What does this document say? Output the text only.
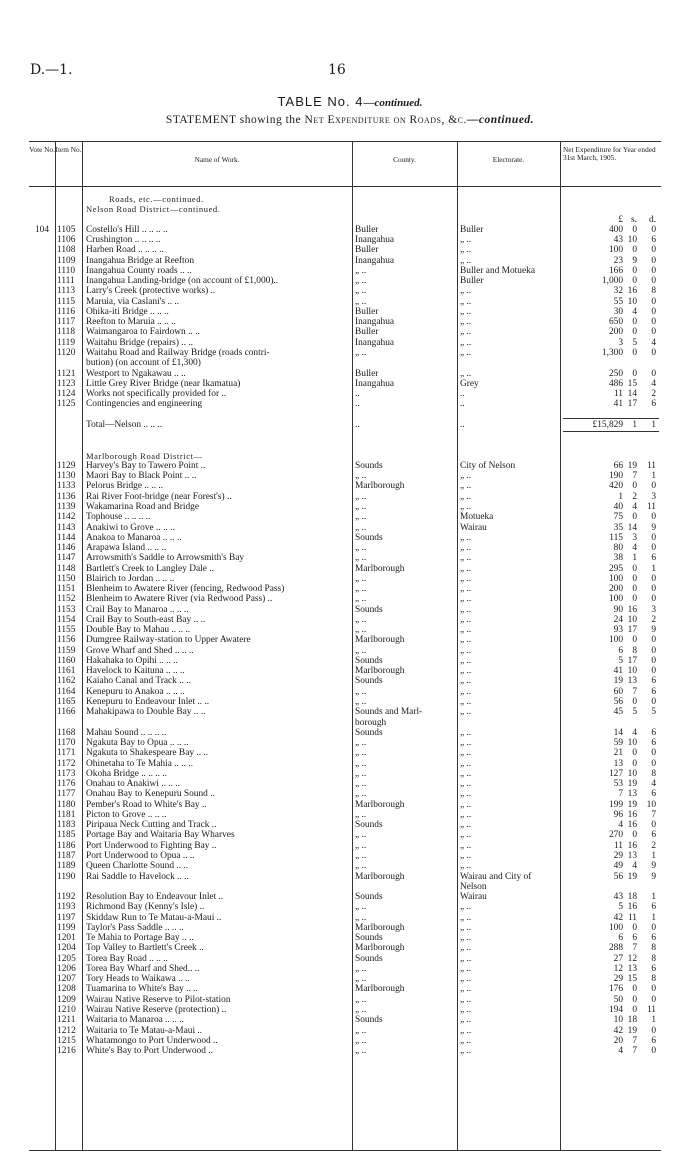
D.—1.	16
TABLE No. 4—continued.
STATEMENT showing the Net Expenditure on Roads, &c.—continued.
Vote No. Item No.
Name of Work.	County.	Electorate.
Net Expenditure for Year ended 31st March, 1905.
Roads, etc.—continued.
Nelson Road District—continued.
£ s.	d.
104 1105	Costello's Hill .. .. .. ..	Buller	Buller	400 0	0
1106	Crushington .. .. .. ..	Inangahua	„ ..	43 10	6
1108	Harben Road .. .. .. ..	Buller	„ ..	100 0	0
1109	Inangahua Bridge at Reefton	Inangahua	„ ..	23 9	0
1110	Inangahua County roads .. ..	„ ..	Buller and Motueka	166 0	0
1111	Inangahua Landing-bridge (on account of £1,000)..	„ ..	Buller	1,000 0	0
1113	Larry's Creek (protective works) ..	„ ..	„ ..	32 16	8
1115	Maruia, via Caslani's .. ..	„ ..	„ ..	55 10	0
1116	Ohika-iti Bridge .. .. ..	Buller	„ ..	30 4	0
1117	Reefton to Maruia .. .. ..	Inangahua	„ ..	650 0	0
1118	Waimangaroa to Fairdown .. ..	Buller	„ ..	200 0	0
1119	Waitahu Bridge (repairs) .. ..	Inangahua	„ ..	3 5	4
1120	Waitahu Road and Railway Bridge (roads contri-	„ ..	„ ..	1,300 0	0
bution) (on account of £1,300)
1121	Westport to Ngakawau .. ..	Buller	„ ..	250 0	0
1123	Little Grey River Bridge (near Ikamatua)	Inangahua	Grey	486 15	4
1124	Works not specifically provided for ..	..	..	11 14	2
1125	Contingencies and engineering	..	..	41 17	6
Total—Nelson .. .. ..	..	..	£15,829 1	1
Marlborough Road District—
1129	Harvey's Bay to Tawero Point ..	Sounds	City of Nelson	66 19	11
1130	Maori Bay to Black Point .. ..	„ ..	„ ..	190 7	1
1133	Pelorus Bridge .. .. ..	Marlborough	„ ..	420 0	0
1136	Rai River Foot-bridge (near Forest's) ..	„ ..	„ ..	1 2	3
1139	Wakamarina Road and Bridge	„ ..	„ ..	40 4	11
1142	Tophouse .. .. .. ..	„ ..	Motueka	75 0	0
1143	Anakiwi to Grove .. .. ..	„ ..	Wairau	35 14	9
1144	Anakoa to Manaroa .. .. ..	Sounds	„ ..	115 3	0
1146	Arapawa Island .. .. ..	„ ..	„ ..	80 4	0
1147	Arrowsmith's Saddle to Arrowsmith's Bay	„ ..	„ ..	38 1	6
1148	Bartlett's Creek to Langley Dale ..	Marlborough	„ ..	295 0	1
1150	Blairich to Jordan .. .. ..	„ ..	„ ..	100 0	0
1151	Blenheim to Awatere River (fencing, Redwood Pass)	„ ..	„ ..	200 0	0
1152	Blenheim to Awatere River (via Redwood Pass) ..	„ ..	„ ..	100 0	0
1153	Crail Bay to Manaroa .. .. ..	Sounds	„ ..	90 16	3
1154	Crail Bay to South-east Bay .. ..	„ ..	„ ..	24 10	2
1155	Double Bay to Mahau .. .. ..	„ ..	„ ..	93 17	9
1156	Dumgree Railway-station to Upper Awatere	Marlborough	„ ..	100 0	0
1159	Grove Wharf and Shed .. .. ..	„ ..	„ ..	6 8	0
1160	Hakahaka to Opihi .. .. ..	Sounds	„ ..	5 17	0
1161	Havelock to Kaituna .. .. ..	Marlborough	„ ..	41 10	0
1162	Kaiaho Canal and Track .. ..	Sounds	„ ..	19 13	6
1164	Kenepuru to Anakoa .. .. ..	„ ..	„ ..	60 7	6
1165	Kenepuru to Endeavour Inlet .. ..	„ ..	„ ..	56 0	0
1166	Mahakipawa to Double Bay .. ..	Sounds and Marl-	„ ..	45 5	5
borough
1168	Mahau Sound .. .. .. ..	Sounds	„ ..	14 4	6
1170	Ngakuta Bay to Opua .. .. ..	„ ..	„ ..	59 10	6
1171	Ngakuta to Shakespeare Bay .. ..	„ ..	„ ..	21 0	0
1172	Ohinetaha to Te Mahia .. .. ..	„ ..	„ ..	13 0	0
1173	Okoha Bridge .. .. .. ..	„ ..	„ ..	127 10	8
1176	Onahau to Anakiwi .. .. ..	„ ..	„ ..	53 19	4
1177	Onahau Bay to Kenepuru Sound ..	„ ..	„ ..	7 13	6
1180	Pember's Road to White's Bay ..	Marlborough	„ ..	199 19	10
1181	Picton to Grove .. .. ..	„ ..	„ ..	96 16	7
1183	Piripaua Neck Cutting and Track ..	Sounds	„ ..	4 16	0
1185	Portage Bay and Waitaria Bay Wharves	„ ..	„ ..	270 0	6
1186	Port Underwood to Fighting Bay ..	„ ..	„ ..	11 16	2
1187	Port Underwood to Opua .. ..	„ ..	„ ..	29 13	1
1189	Queen Charlotte Sound .. ..	„ ..	„ ..	49 4	9
1190	Rai Saddle to Havelock .. ..	Marlborough	Wairau and City of	56 19	9
Nelson
1192	Resolution Bay to Endeavour Inlet ..	Sounds	Wairau	43 18	1
1193	Richmond Bay (Kenny's Isle) ..	„ ..	„ ..	5 16	6
1197	Skiddaw Run to Te Matau-a-Maui ..	„ ..	„ ..	42 11	1
1199	Taylor's Pass Saddle .. .. ..	Marlborough	„ ..	100 0	0
1201	Te Mahia to Portage Bay .. ..	Sounds	„ ..	6 6	6
1204	Top Valley to Bartlett's Creek ..	Marlborough	„ ..	288 7	8
1205	Torea Bay Road .. .. ..	Sounds	„ ..	27 12	8
1206	Torea Bay Wharf and Shed.. ..	„ ..	„ ..	12 13	6
1207	Tory Heads to Waikawa .. ..	„ ..	„ ..	29 15	8
1208	Tuamarina to White's Bay .. ..	Marlborough	„ ..	176 0	0
1209	Wairau Native Reserve to Pilot-station	„ ..	„ ..	50 0	0
1210	Wairau Native Reserve (protection) ..	„ ..	„ ..	194 0	11
1211	Waitaria to Manaroa .. .. ..	Sounds	„ ..	10 18	1
1212	Waitaria to Te Matau-a-Maui ..	„ ..	„ ..	42 19	0
1215	Whatamongo to Port Underwood ..	„ ..	„ ..	20 7	6
1216	White's Bay to Port Underwood ..	„ ..	„ ..	4 7	0
